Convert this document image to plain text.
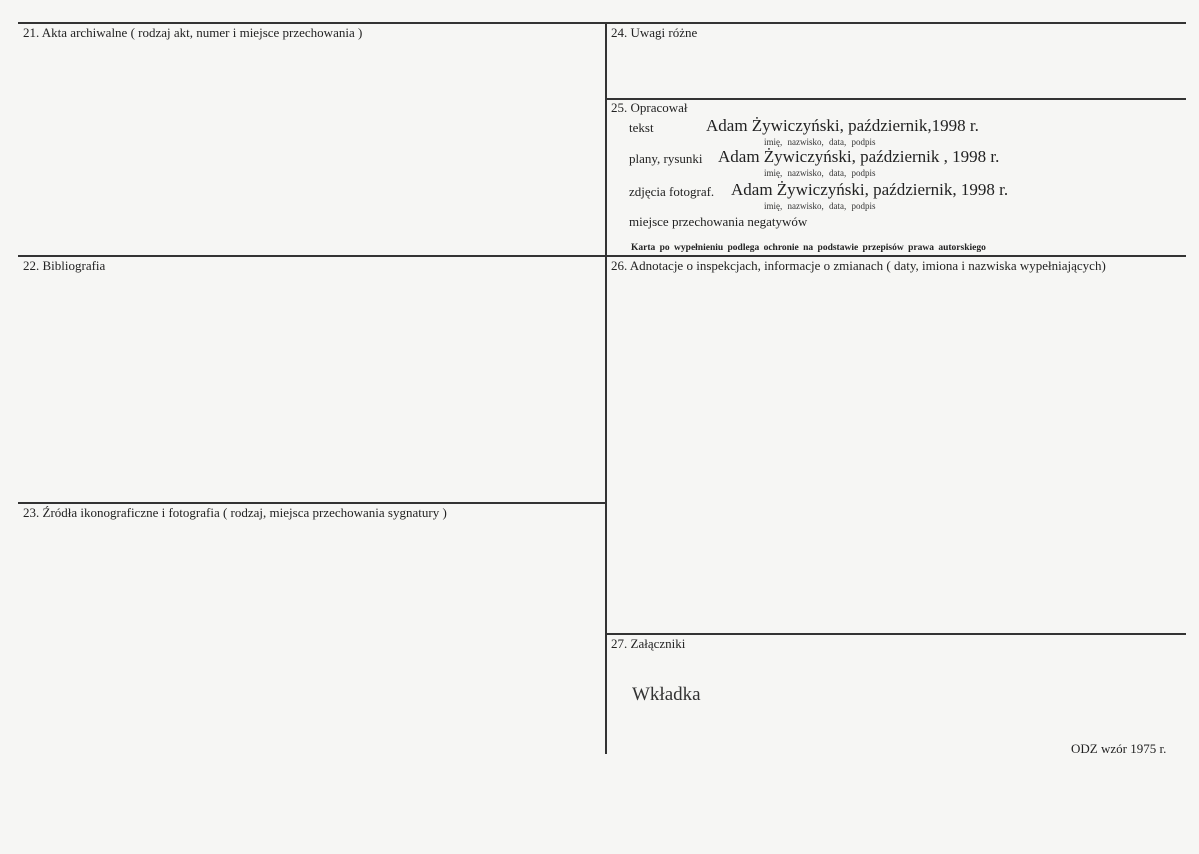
21. Akta archiwalne ( rodzaj akt, numer i miejsce przechowania )
22. Bibliografia
23. Źródła ikonograficzne i fotografia ( rodzaj, miejsca przechowania sygnatury )
24. Uwagi różne
25. Opracował
tekst	Adam Żywiczyński, październik,1998 r.
imię, nazwisko, data, podpis
plany, rysunki Adam Żywiczyński, październik , 1998 r.
imię, nazwisko, data, podpis
zdjęcia fotograf. Adam Żywiczyński, październik, 1998 r.
imię, nazwisko, data, podpis
miejsce przechowania negatywów
Karta po wypełnieniu podlega ochronie na podstawie przepisów prawa autorskiego
26. Adnotacje o inspekcjach, informacje o zmianach ( daty, imiona i nazwiska wypełniających)
27. Załączniki
Wkładka
ODZ wzór 1975 r.
